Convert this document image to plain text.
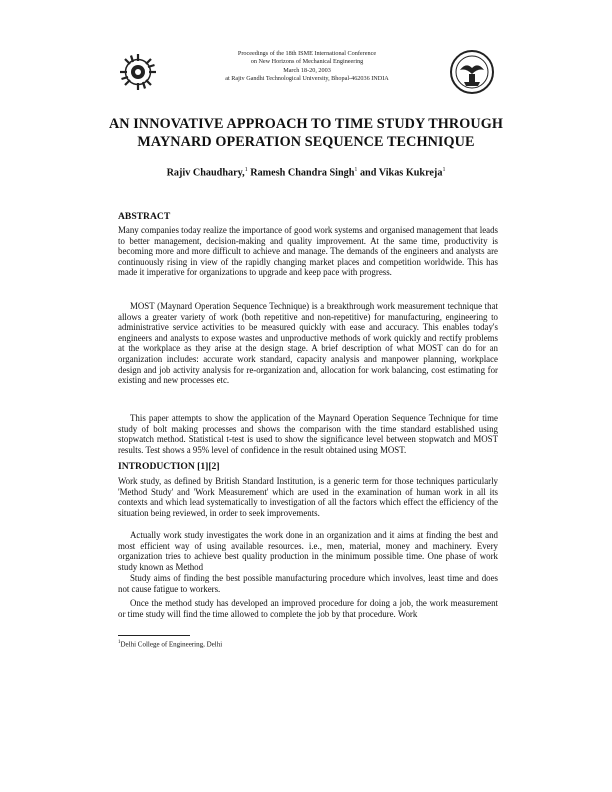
Proceedings of the 18th ISME International Conference
on New Horizons of Mechanical Engineering
March 18-20, 2003
at Rajiv Gandhi Technological University, Bhopal-462036 INDIA
AN INNOVATIVE APPROACH TO TIME STUDY THROUGH
MAYNARD OPERATION SEQUENCE TECHNIQUE
Rajiv Chaudhary,$^1$ Ramesh Chandra Singh$^1$ and Vikas Kukreja$^1$
ABSTRACT

Many companies today realize the importance of good work systems and organised management that leads to better management, decision-making and quality improvement. At the same time, productivity is becoming more and more difficult to achieve and manage. The demands of the engineers and analysts are continuously rising in view of the rapidly changing market places and competition worldwide. This has made it imperative for organizations to upgrade and keep pace with progress.

MOST (Maynard Operation Sequence Technique) is a breakthrough work measurement technique that allows a greater variety of work (both repetitive and non-repetitive) for manufacturing, engineering to administrative service activities to be measured quickly with ease and accuracy. This enables today's engineers and analysts to expose wastes and unproductive methods of work quickly and rectify problems at the workplace as they arise at the design stage. A brief description of what MOST can do for an organization includes: accurate work standard, capacity analysis and manpower planning, workplace design and job activity analysis for re-organization and, allocation for work balancing, cost estimating for existing and new processes etc.

This paper attempts to show the application of the Maynard Operation Sequence Technique for time study of bolt making processes and shows the comparison with the time standard established using stopwatch method. Statistical t-test is used to show the significance level between stopwatch and MOST results. Test shows a 95% level of confidence in the result obtained using MOST.

INTRODUCTION [1][2]

Work study, as defined by British Standard Institution, is a generic term for those techniques particularly 'Method Study' and 'Work Measurement' which are used in the examination of human work in all its contexts and which lead systematically to investigation of all the factors which effect the efficiency of the situation being reviewed, in order to seek improvements.

Actually work study investigates the work done in an organization and it aims at finding the best and most efficient way of using available resources. i.e., men, material, money and machinery. Every organization tries to achieve best quality production in the minimum possible time. One phase of work study known as Method

Study aims of finding the best possible manufacturing procedure which involves, least time and does not cause fatigue to workers.

Once the method study has developed an improved procedure for doing a job, the work measurement or time study will find the time allowed to complete the job by that procedure. Work

$^1$Delhi College of Engineering, Delhi
